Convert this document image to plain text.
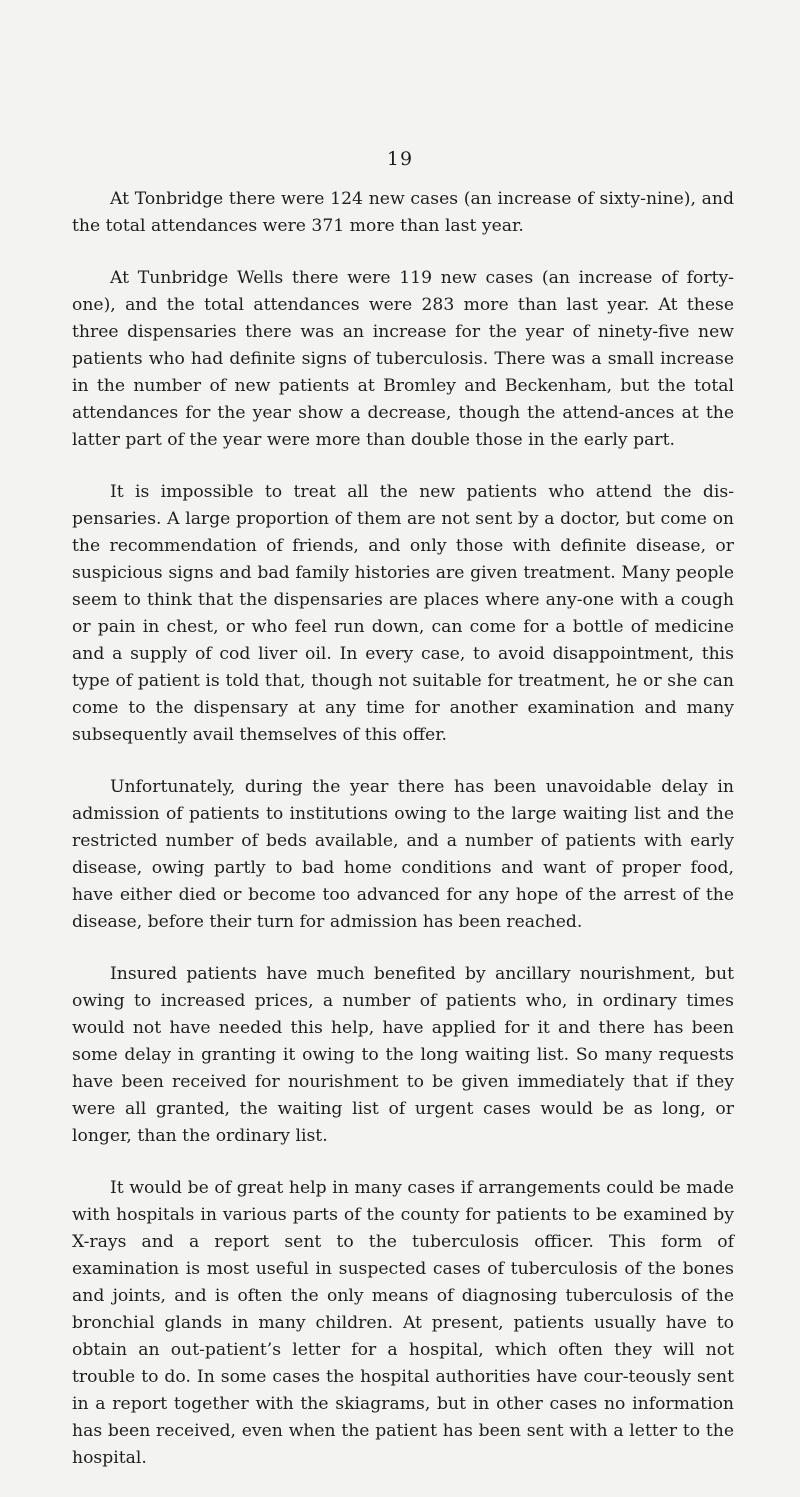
19

At Tonbridge there were 124 new cases (an increase of sixty-nine), and the total attendances were 371 more than last year.

At Tunbridge Wells there were 119 new cases (an increase of forty-one), and the total attendances were 283 more than last year. At these three dispensaries there was an increase for the year of ninety-five new patients who had definite signs of tuberculosis. There was a small increase in the number of new patients at Bromley and Beckenham, but the total attendances for the year show a decrease, though the attend-ances at the latter part of the year were more than double those in the early part.

It is impossible to treat all the new patients who attend the dis-pensaries. A large proportion of them are not sent by a doctor, but come on the recommendation of friends, and only those with definite disease, or suspicious signs and bad family histories are given treatment. Many people seem to think that the dispensaries are places where any-one with a cough or pain in chest, or who feel run down, can come for a bottle of medicine and a supply of cod liver oil. In every case, to avoid disappointment, this type of patient is told that, though not suitable for treatment, he or she can come to the dispensary at any time for another examination and many subsequently avail themselves of this offer.

Unfortunately, during the year there has been unavoidable delay in admission of patients to institutions owing to the large waiting list and the restricted number of beds available, and a number of patients with early disease, owing partly to bad home conditions and want of proper food, have either died or become too advanced for any hope of the arrest of the disease, before their turn for admission has been reached.

Insured patients have much benefited by ancillary nourishment, but owing to increased prices, a number of patients who, in ordinary times would not have needed this help, have applied for it and there has been some delay in granting it owing to the long waiting list. So many requests have been received for nourishment to be given immediately that if they were all granted, the waiting list of urgent cases would be as long, or longer, than the ordinary list.

It would be of great help in many cases if arrangements could be made with hospitals in various parts of the county for patients to be examined by X-rays and a report sent to the tuberculosis officer. This form of examination is most useful in suspected cases of tuberculosis of the bones and joints, and is often the only means of diagnosing tuberculosis of the bronchial glands in many children. At present, patients usually have to obtain an out-patient’s letter for a hospital, which often they will not trouble to do. In some cases the hospital authorities have cour-teously sent in a report together with the skiagrams, but in other cases no information has been received, even when the patient has been sent with a letter to the hospital.
